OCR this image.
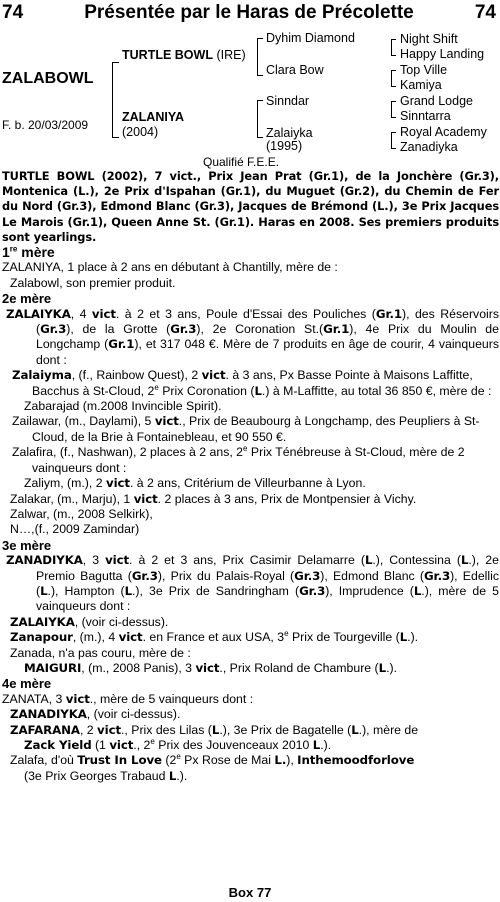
74	Présentée par le Haras de Précolette	74
ZALABOWL
F. b. 20/03/2009
TURTLE BOWL (IRE)
ZALANIYA
(2004)
Dyhim Diamond
Clara Bow
Sinndar
Zalaiyka
(1995)
Night Shift
Happy Landing
Top Ville
Kamiya
Grand Lodge
Sinntarra
Royal Academy
Zanadiyka
Qualifié F.E.E.

TURTLE BOWL (2002), 7 vict., Prix Jean Prat (Gr.1), de la Jonchère (Gr.3), Montenica (L.), 2e Prix d'Ispahan (Gr.1), du Muguet (Gr.2), du Chemin de Fer du Nord (Gr.3), Edmond Blanc (Gr.3), Jacques de Brémond (L.), 3e Prix Jacques Le Marois (Gr.1), Queen Anne St. (Gr.1). Haras en 2008. Ses premiers produits sont yearlings.

1re mère

ZALANIYA, 1 place à 2 ans en débutant à Chantilly, mère de :

Zalabowl, son premier produit.

2e mère

ZALAIYKA, 4 vict. à 2 et 3 ans, Poule d'Essai des Pouliches (Gr.1), des Réservoirs (Gr.3), de la Grotte (Gr.3), 2e Coronation St.(Gr.1), 4e Prix du Moulin de Longchamp (Gr.1), et 317 048 €. Mère de 7 produits en âge de courir, 4 vainqueurs dont :

Zalaiyma, (f., Rainbow Quest), 2 vict. à 3 ans, Px Basse Pointe à Maisons Laffitte, Bacchus à St-Cloud, 2e Prix Coronation (L.) à M-Laffitte, au total 36 850 €, mère de :

Zabarajad (m.2008 Invincible Spirit).

Zailawar, (m., Daylami), 5 vict., Prix de Beaubourg à Longchamp, des Peupliers à St-Cloud, de la Brie à Fontainebleau, et 90 550 €.

Zalafira, (f., Nashwan), 2 places à 2 ans, 2e Prix Ténébreuse à St-Cloud, mère de 2 vainqueurs dont :

Zaliym, (m.), 2 vict. à 2 ans, Critérium de Villeurbanne à Lyon.

Zalakar, (m., Marju), 1 vict. 2 places à 3 ans, Prix de Montpensier à Vichy.

Zalwar, (m., 2008 Selkirk),

N…,(f., 2009 Zamindar)

3e mère

ZANADIYKA, 3 vict. à 2 et 3 ans, Prix Casimir Delamarre (L.), Contessina (L.), 2e Premio Bagutta (Gr.3), Prix du Palais-Royal (Gr.3), Edmond Blanc (Gr.3), Edellic (L.), Hampton (L.), 3e Prix de Sandringham (Gr.3), Imprudence (L.), mère de 5 vainqueurs dont :

ZALAIYKA, (voir ci-dessus).

Zanapour, (m.), 4 vict. en France et aux USA, 3e Prix de Tourgeville (L.).

Zanada, n'a pas couru, mère de :

MAIGURI, (m., 2008 Panis), 3 vict., Prix Roland de Chambure (L.).

4e mère

ZANATA, 3 vict., mère de 5 vainqueurs dont :

ZANADIYKA, (voir ci-dessus).

ZAFARANA, 2 vict., Prix des Lilas (L.), 3e Prix de Bagatelle (L.), mère de

Zack Yield (1 vict., 2e Prix des Jouvenceaux 2010 L.).

Zalafa, d'où Trust In Love (2e Px Rose de Mai L.), Inthemoodforlove

(3e Prix Georges Trabaud L.).

Box 77
